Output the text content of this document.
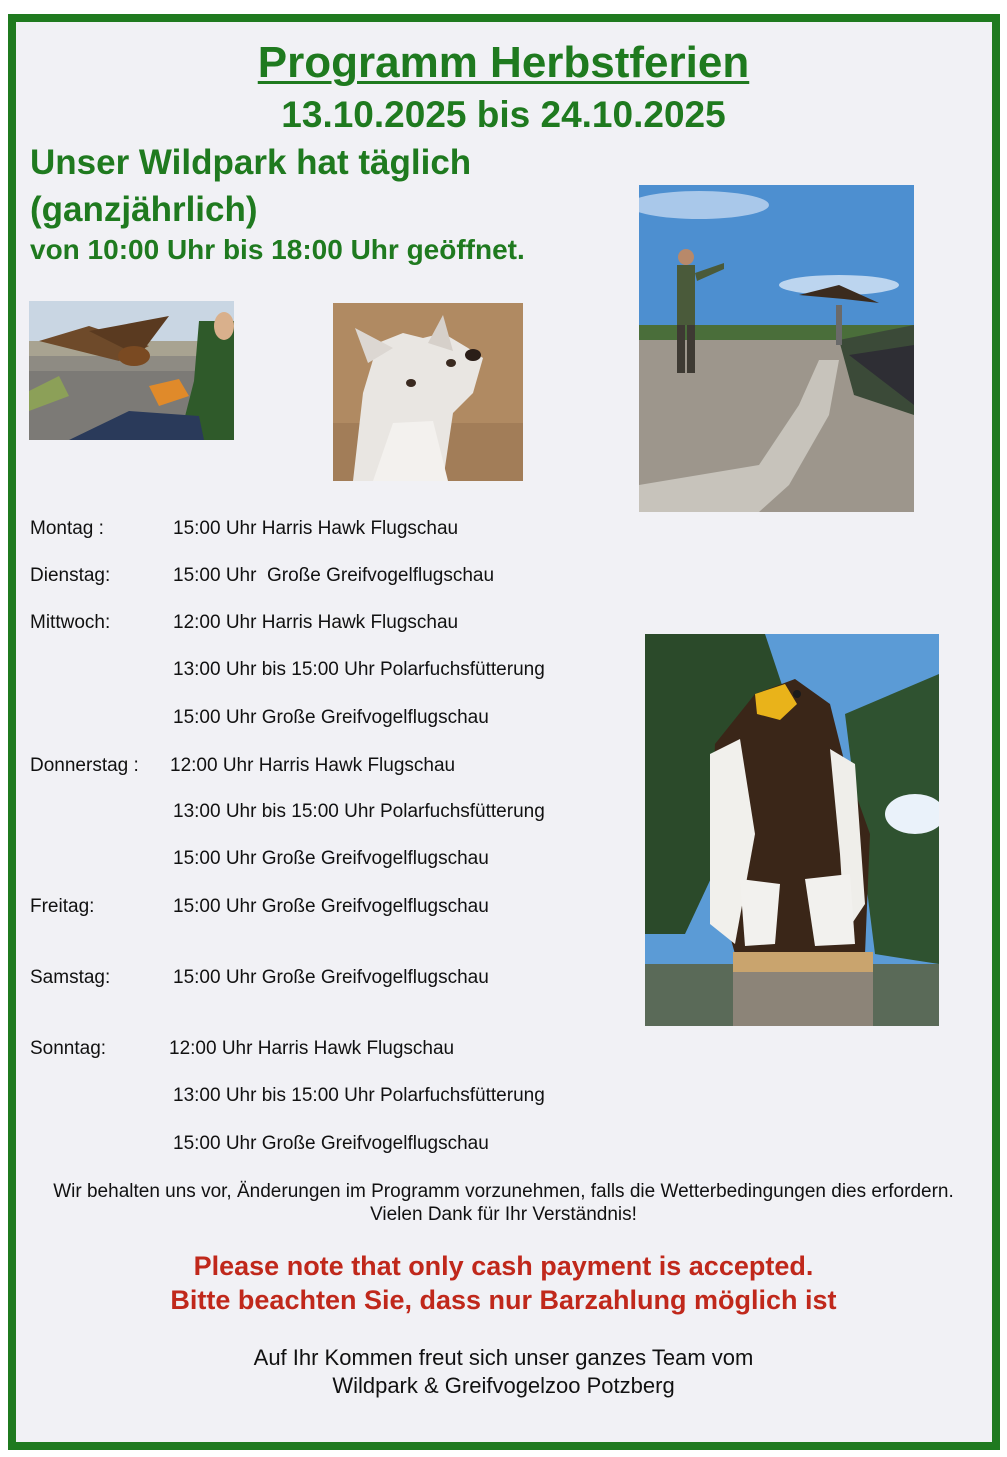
Programm Herbstferien
13.10.2025 bis 24.10.2025
Unser Wildpark hat täglich
(ganzjährlich)
von 10:00 Uhr bis 18:00 Uhr geöffnet.
Montag :	15:00 Uhr Harris Hawk Flugschau
Dienstag:	15:00 Uhr  Große Greifvogelflugschau
Mittwoch:	12:00 Uhr Harris Hawk Flugschau
13:00 Uhr bis 15:00 Uhr Polarfuchsfütterung
15:00 Uhr Große Greifvogelflugschau
Donnerstag : 12:00 Uhr Harris Hawk Flugschau
13:00 Uhr bis 15:00 Uhr Polarfuchsfütterung
15:00 Uhr Große Greifvogelflugschau
Freitag:	15:00 Uhr Große Greifvogelflugschau
Samstag:	15:00 Uhr Große Greifvogelflugschau
Sonntag:	12:00 Uhr Harris Hawk Flugschau
13:00 Uhr bis 15:00 Uhr Polarfuchsfütterung
15:00 Uhr Große Greifvogelflugschau
Wir behalten uns vor, Änderungen im Programm vorzunehmen, falls die Wetterbedingungen dies erfordern.
Vielen Dank für Ihr Verständnis!
Please note that only cash payment is accepted.
Bitte beachten Sie, dass nur Barzahlung möglich ist
Auf Ihr Kommen freut sich unser ganzes Team vom
Wildpark & Greifvogelzoo Potzberg
